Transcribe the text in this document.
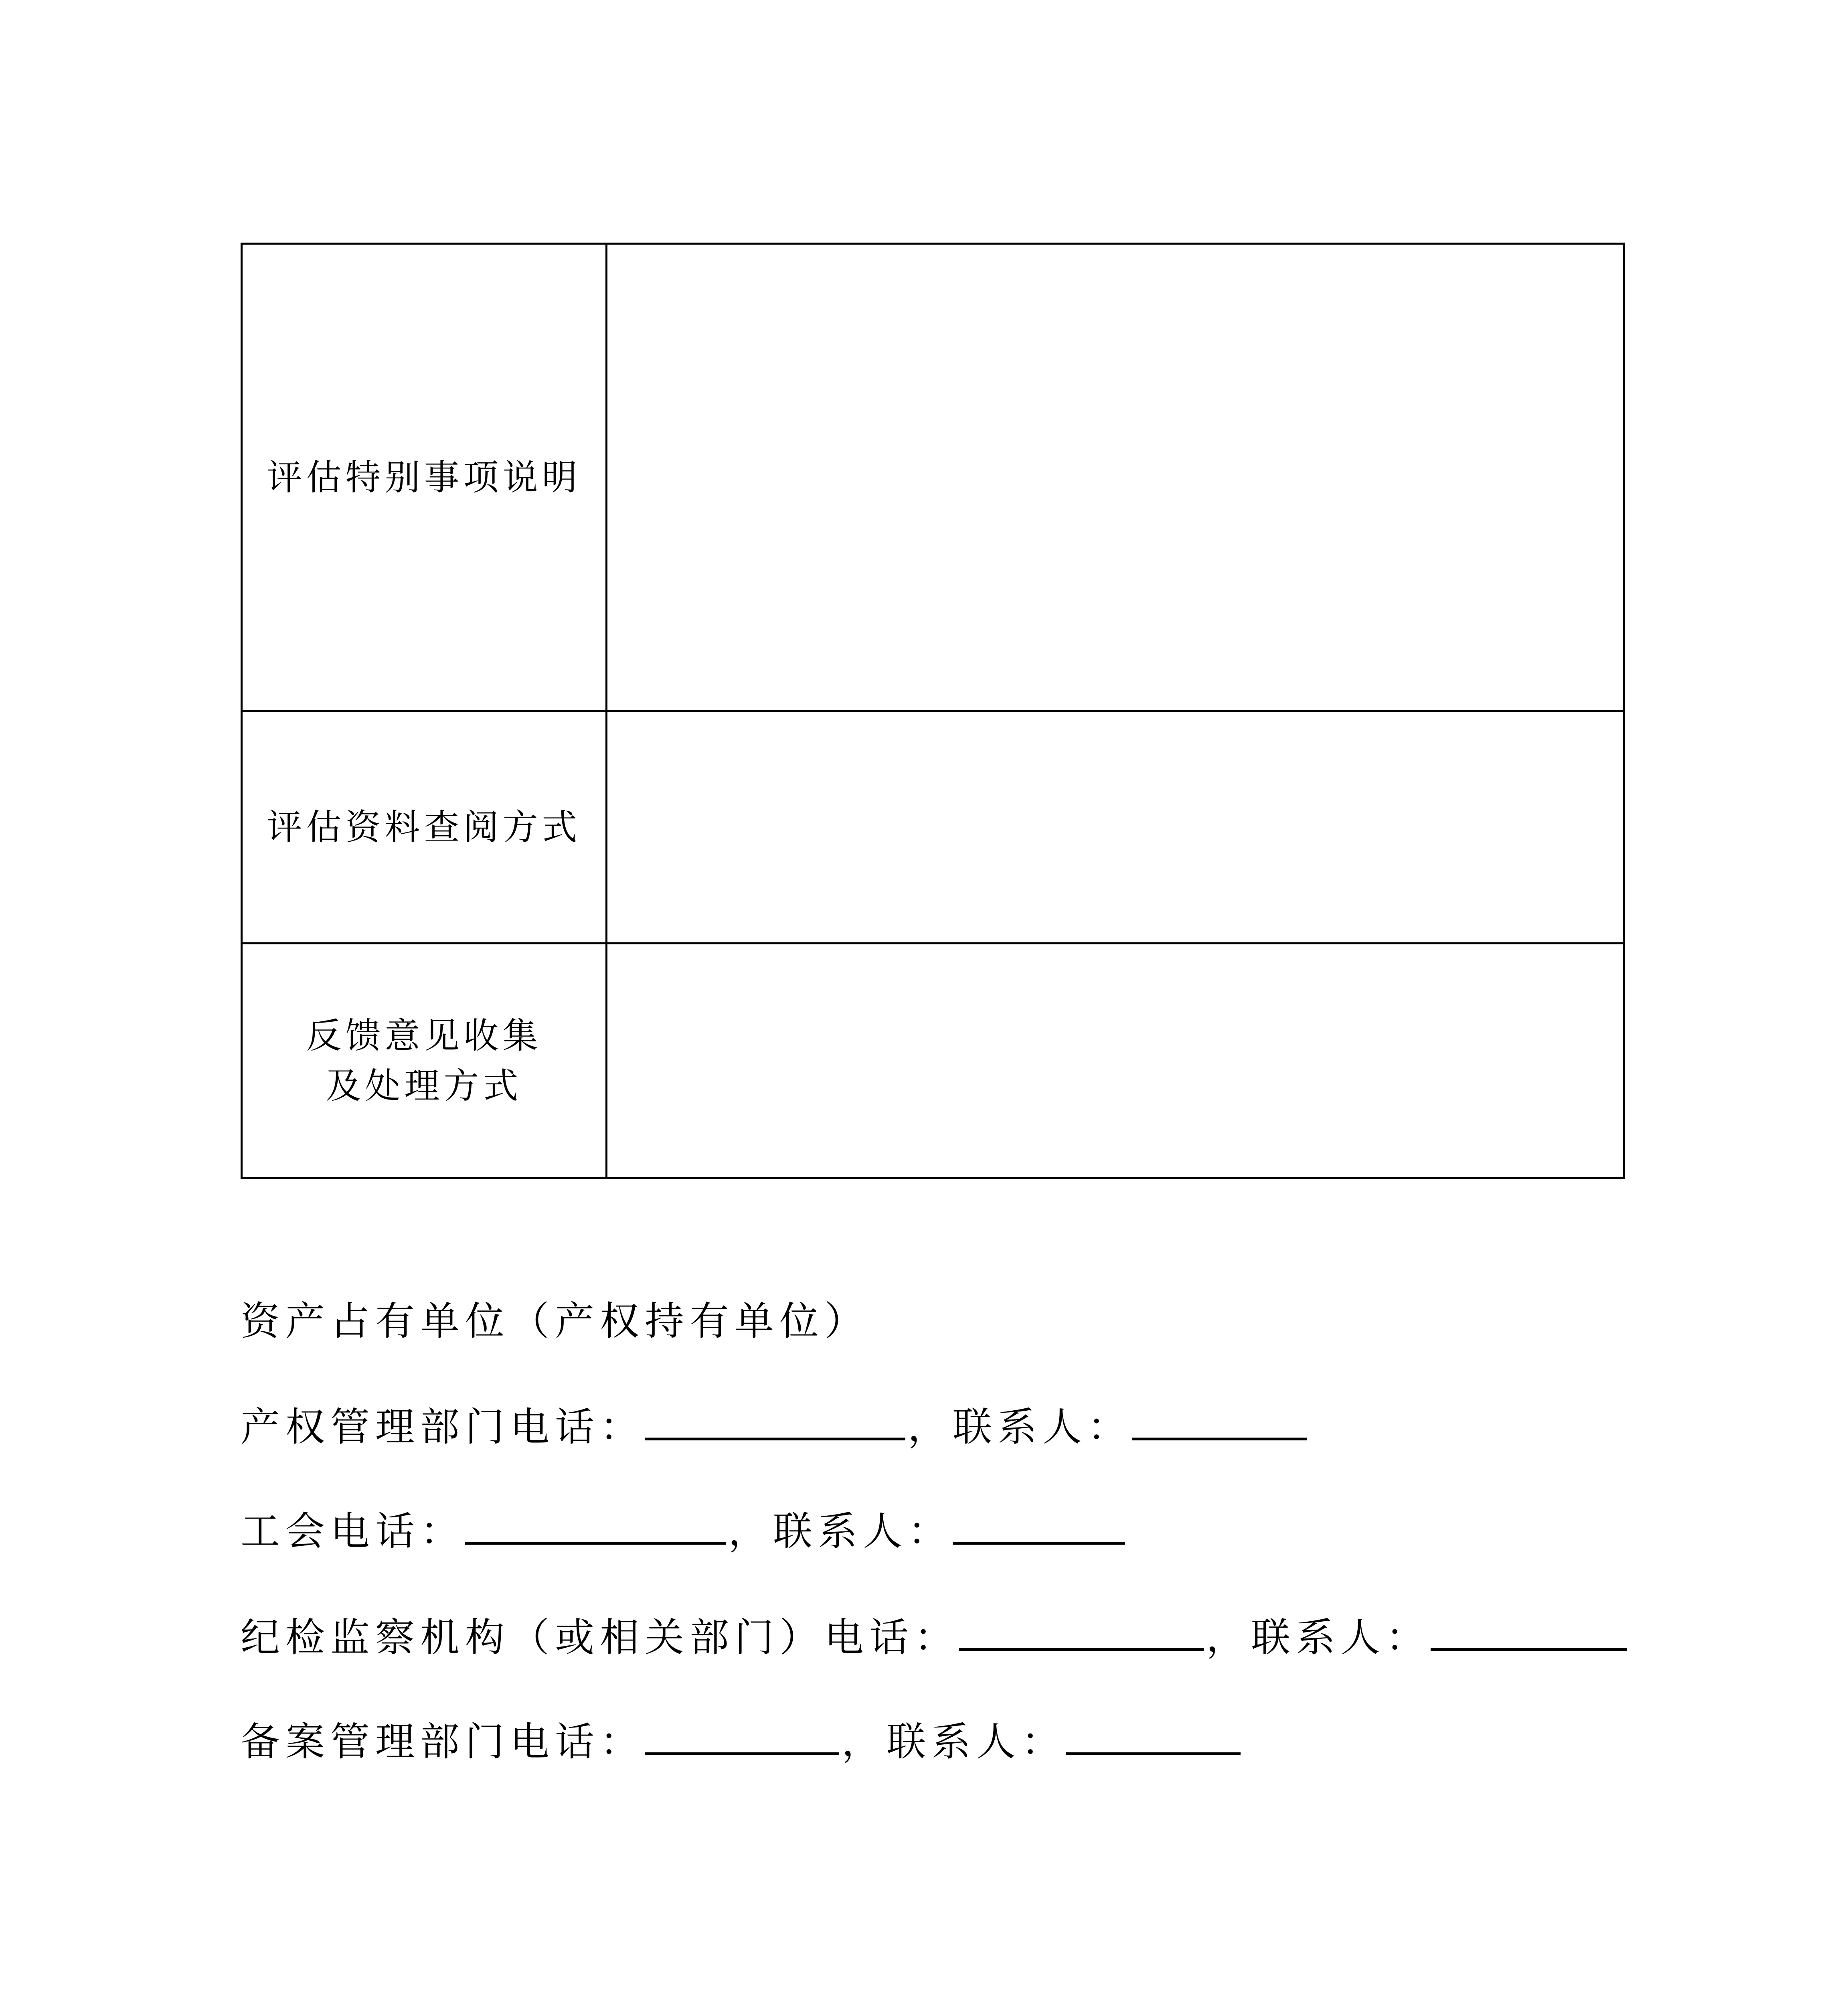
评估特别事项说明	
评估资料查阅方式	

反馈意见收集
及处理方式	

资产占有单位（产权持有单位）
产权管理部门电话：	，联系人：
工会电话：	，联系人：
纪检监察机构（或相关部门）电话：	，联系人：
备案管理部门电话：	，联系人：
